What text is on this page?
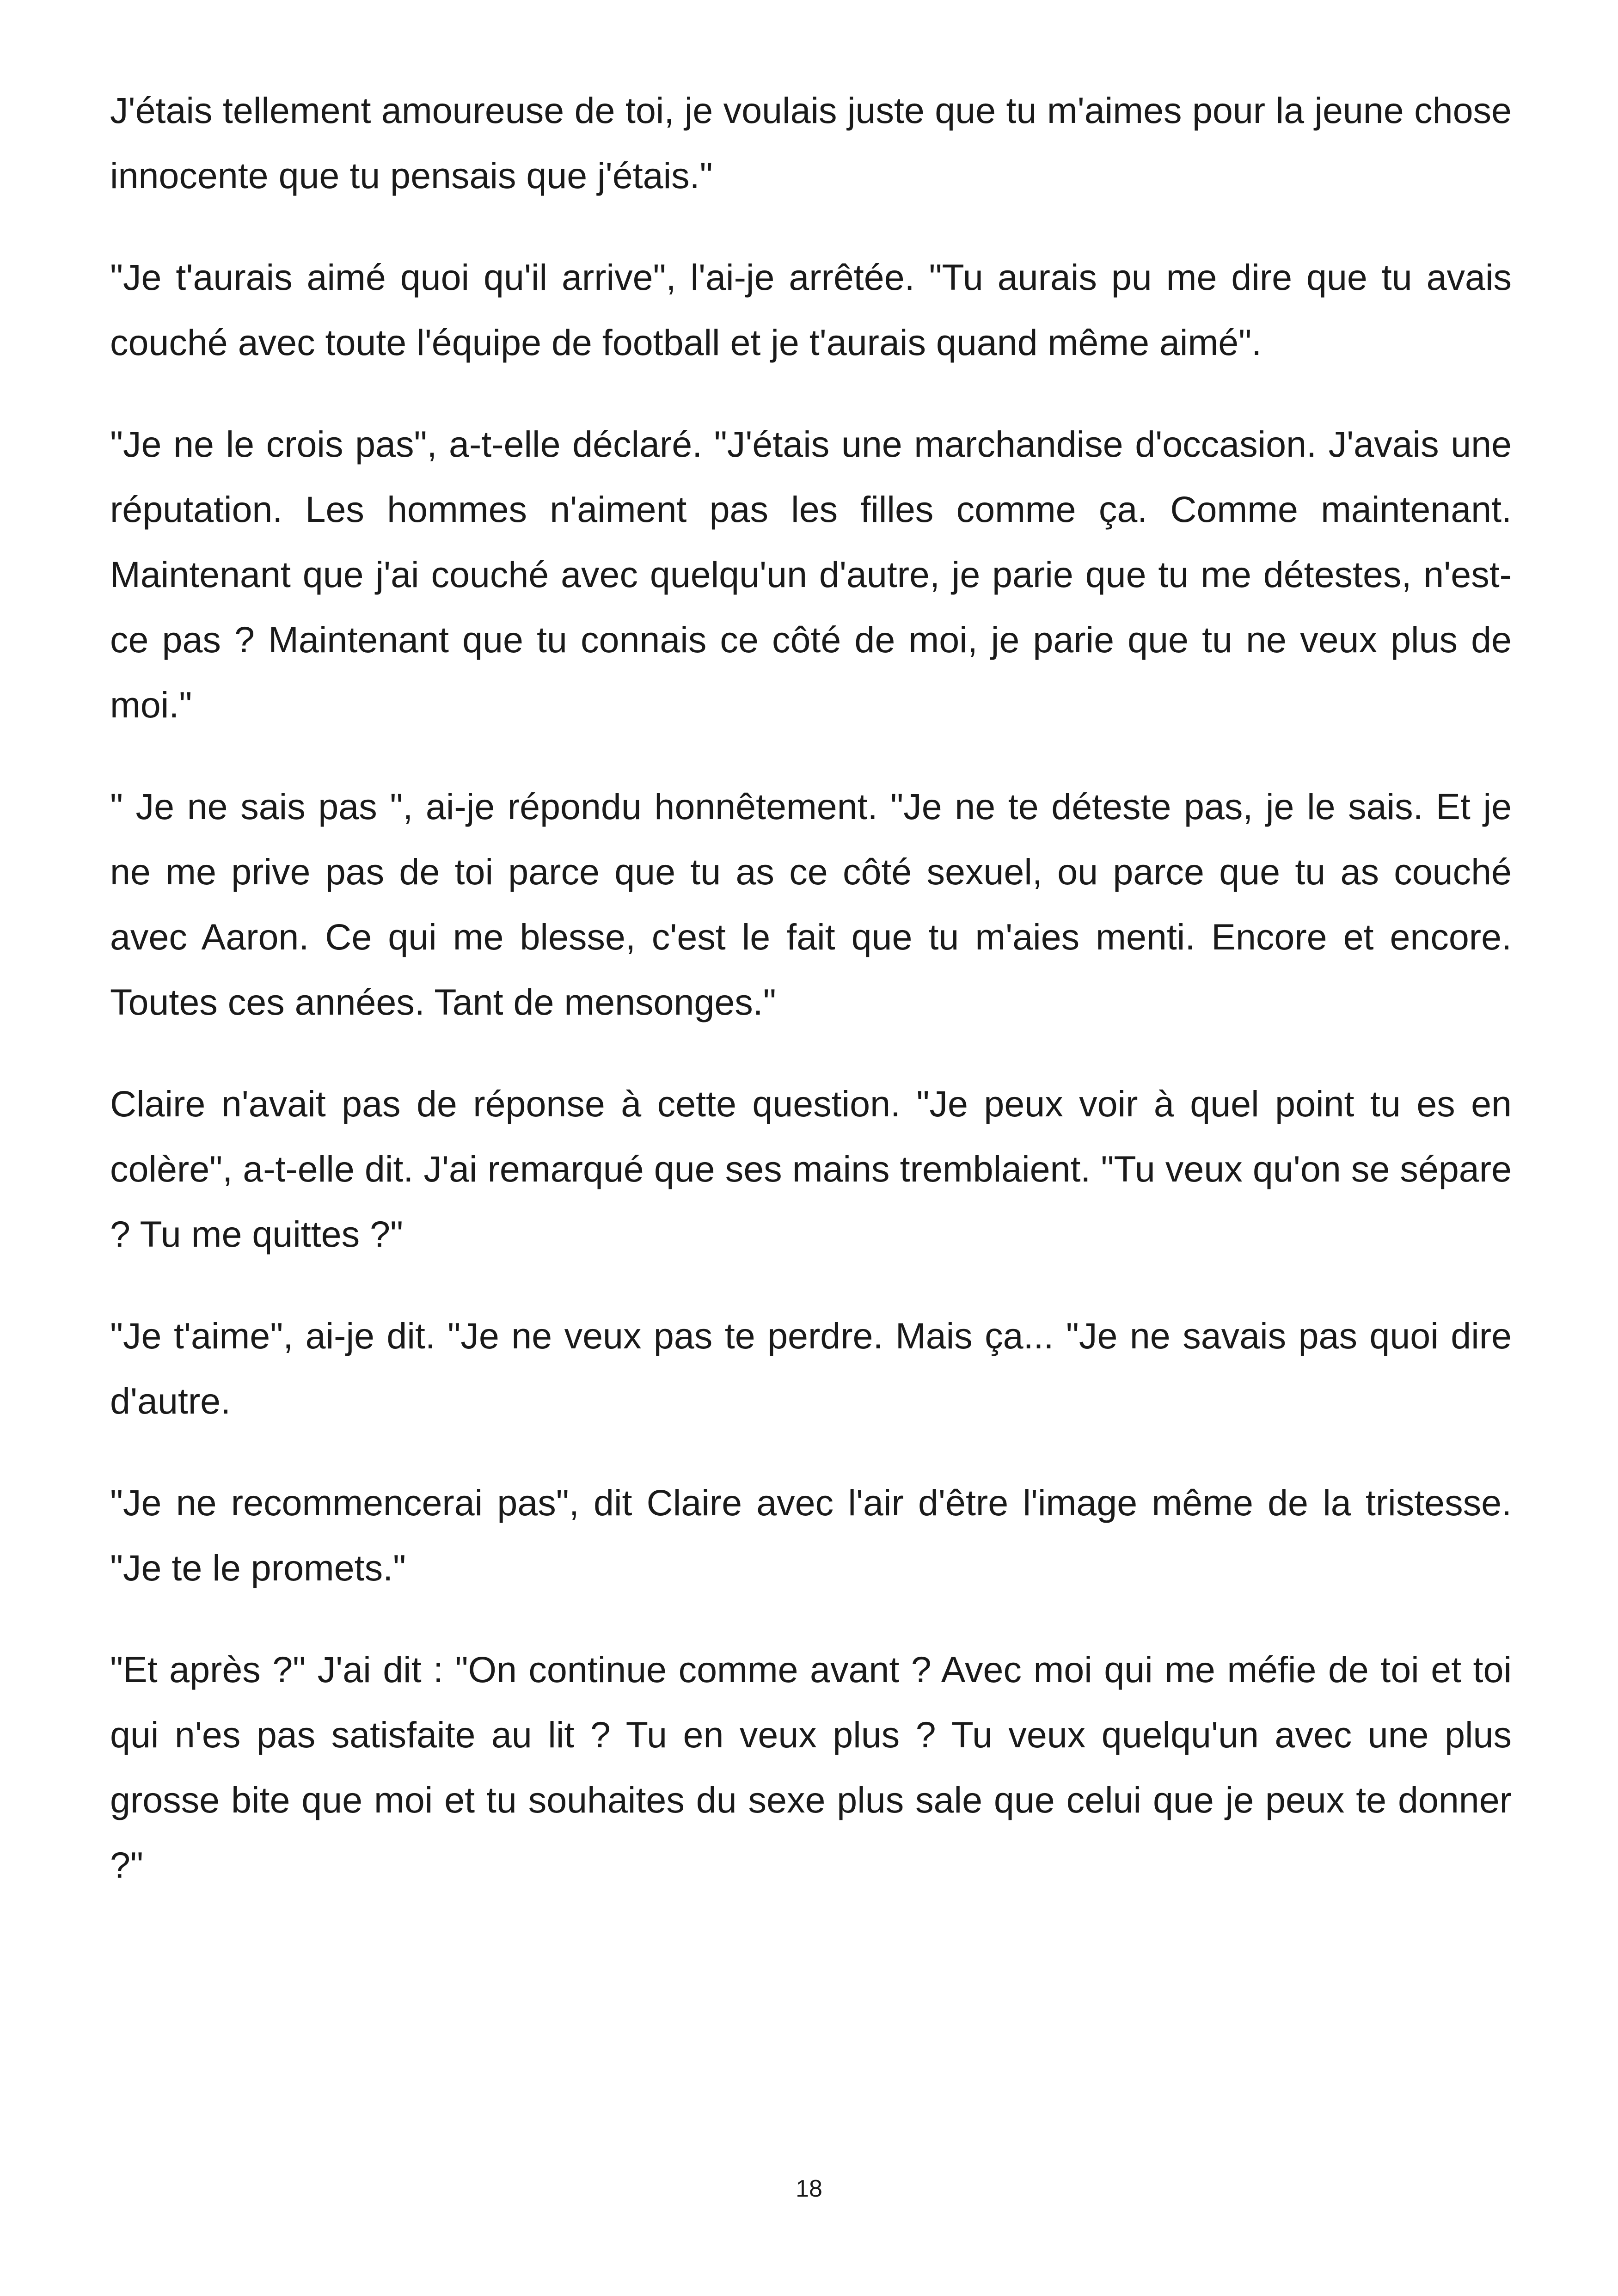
J'étais tellement amoureuse de toi, je voulais juste que tu m'aimes pour la jeune chose innocente que tu pensais que j'étais."

"Je t'aurais aimé quoi qu'il arrive", l'ai-je arrêtée. "Tu aurais pu me dire que tu avais couché avec toute l'équipe de football et je t'aurais quand même aimé".

"Je ne le crois pas", a-t-elle déclaré. "J'étais une marchandise d'occasion. J'avais une réputation. Les hommes n'aiment pas les filles comme ça. Comme maintenant. Maintenant que j'ai couché avec quelqu'un d'autre, je parie que tu me détestes, n'est-ce pas ? Maintenant que tu connais ce côté de moi, je parie que tu ne veux plus de moi."

" Je ne sais pas ", ai-je répondu honnêtement. "Je ne te déteste pas, je le sais. Et je ne me prive pas de toi parce que tu as ce côté sexuel, ou parce que tu as couché avec Aaron. Ce qui me blesse, c'est le fait que tu m'aies menti. Encore et encore. Toutes ces années. Tant de mensonges."

Claire n'avait pas de réponse à cette question. "Je peux voir à quel point tu es en colère", a-t-elle dit. J'ai remarqué que ses mains tremblaient. "Tu veux qu'on se sépare ? Tu me quittes ?"

"Je t'aime", ai-je dit. "Je ne veux pas te perdre. Mais ça... "Je ne savais pas quoi dire d'autre.

"Je ne recommencerai pas", dit Claire avec l'air d'être l'image même de la tristesse. "Je te le promets."

"Et après ?" J'ai dit : "On continue comme avant ? Avec moi qui me méfie de toi et toi qui n'es pas satisfaite au lit ? Tu en veux plus ? Tu veux quelqu'un avec une plus grosse bite que moi et tu souhaites du sexe plus sale que celui que je peux te donner ?"

18
